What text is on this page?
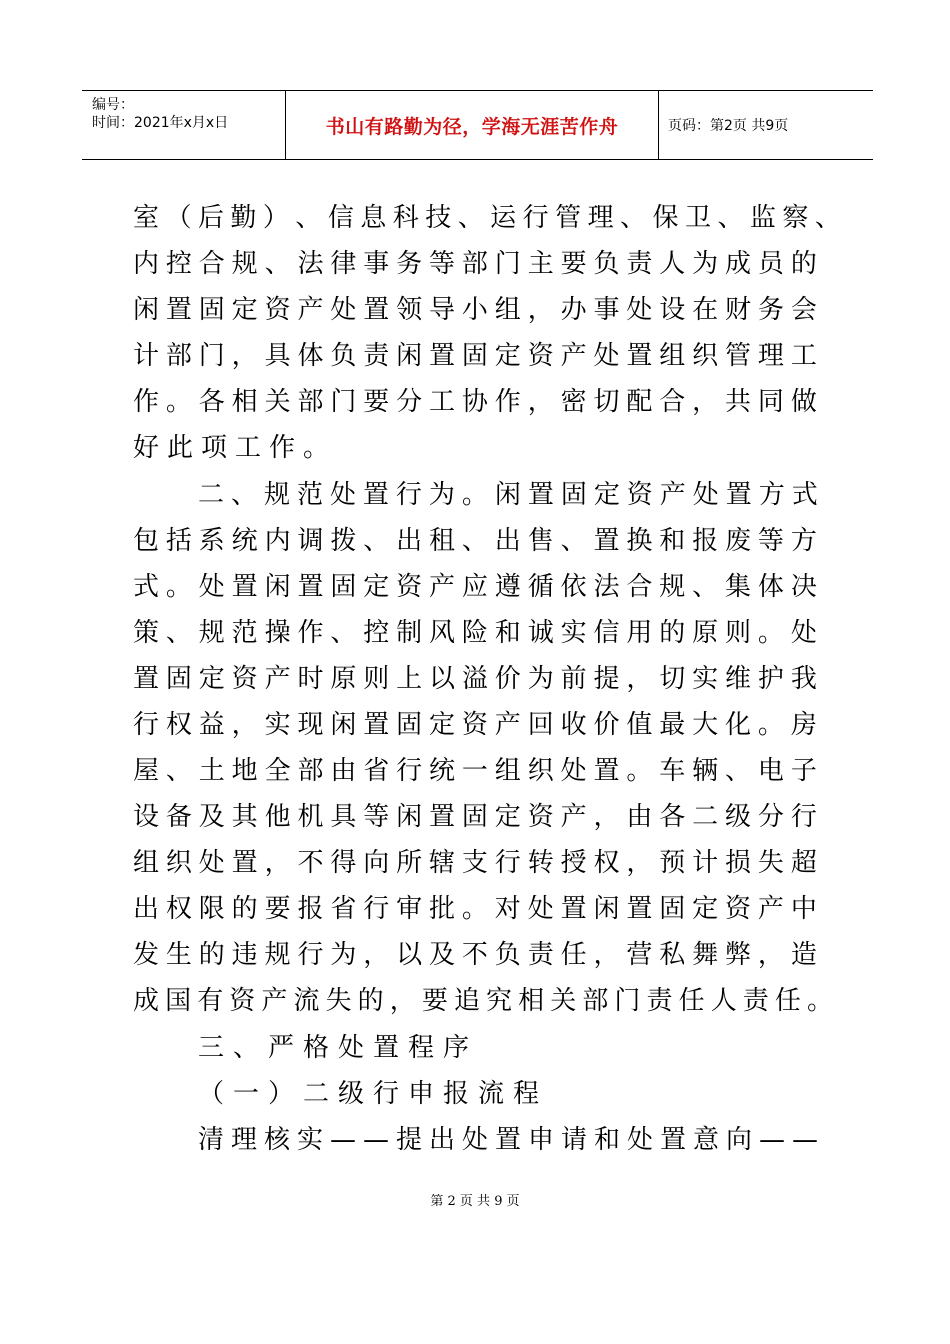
编号：
时间：2021年x月x日	书山有路勤为径，学海无涯苦作舟	页码：第2页 共9页
室 （ 后 勤 ） 、 信 息 科 技 、 运 行 管 理 、 保 卫 、 监 察 、
内 控 合 规 、 法 律 事 务 等 部 门 主 要 负 责 人 为 成 员 的
闲 置 固 定 资 产 处 置 领 导 小 组 ， 办 事 处 设 在 财 务 会
计 部 门 ， 具 体 负 责 闲 置 固 定 资 产 处 置 组 织 管 理 工
作 。 各 相 关 部 门 要 分 工 协 作 ， 密 切 配 合 ， 共 同 做
好此项工作。
二 、 规 范 处 置 行 为 。 闲 置 固 定 资 产 处 置 方 式
包 括 系 统 内 调 拨 、 出 租 、 出 售 、 置 换 和 报 废 等 方
式 。 处 置 闲 置 固 定 资 产 应 遵 循 依 法 合 规 、 集 体 决
策 、 规 范 操 作 、 控 制 风 险 和 诚 实 信 用 的 原 则 。 处
置 固 定 资 产 时 原 则 上 以 溢 价 为 前 提 ， 切 实 维 护 我
行 权 益 ， 实 现 闲 置 固 定 资 产 回 收 价 值 最 大 化 。 房
屋 、 土 地 全 部 由 省 行 统 一 组 织 处 置 。 车 辆 、 电 子
设 备 及 其 他 机 具 等 闲 置 固 定 资 产 ， 由 各 二 级 分 行
组 织 处 置 ， 不 得 向 所 辖 支 行 转 授 权 ， 预 计 损 失 超
出 权 限 的 要 报 省 行 审 批 。 对 处 置 闲 置 固 定 资 产 中
发 生 的 违 规 行 为 ， 以 及 不 负 责 任 ， 营 私 舞 弊 ， 造
成 国 有 资 产 流 失 的 ， 要 追 究 相 关 部 门 责 任 人 责 任 。
三、严格处置程序
（一）二级行申报流程
清 理 核 实 — — 提 出 处 置 申 请 和 处 置 意 向 — —
第 2 页 共 9 页
